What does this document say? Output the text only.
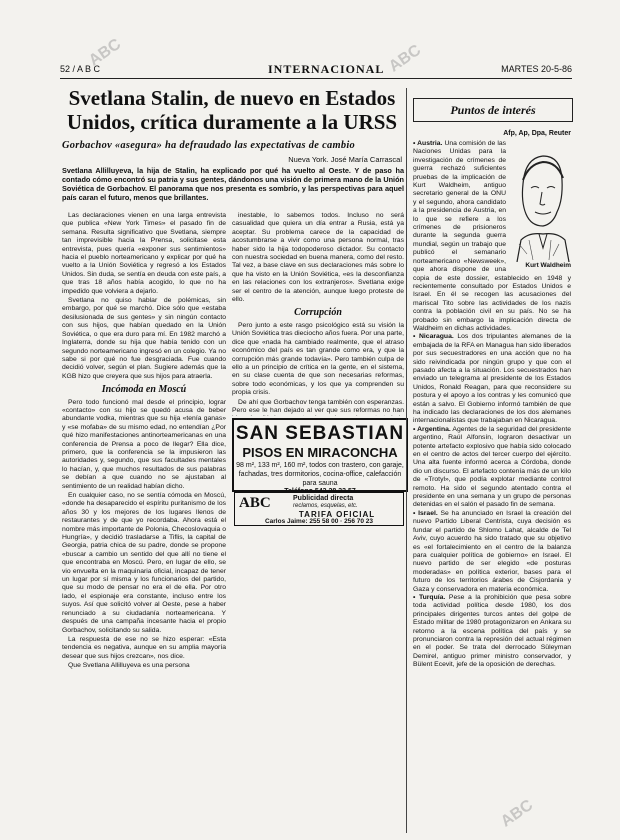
ABC	ABC
ABC
52 / A B C	INTERNACIONAL	MARTES 20-5-86
Svetlana Stalin, de nuevo en Estados Unidos, crítica duramente a la URSS
Gorbachov «asegura» ha defraudado las expectativas de cambio
Nueva York. José María Carrascal
Svetlana Allilluyeva, la hija de Stalin, ha explicado por qué ha vuelto al Oeste. Y de paso ha contado cómo encontró su patria y sus gentes, dándonos una visión de primera mano de la Unión Soviética de Gorbachov. El panorama que nos presenta es sombrío, y las perspectivas para aquel país caran el futuro, menos que brillantes.

Las declaraciones vienen en una larga entrevista que publica «New York Times» el pasado fin de semana. Resulta significativo que Svetlana, siempre tan imprevisible hacia la Prensa, solicitase esta entrevista, pues quería «exponer sus sentimientos» hacia el pueblo norteamericano y explicar por qué ha vuelto a la Unión Soviética y regresó a los Estados Unidos. Sin duda, se sentía en deuda con este país, a que tras 18 años había acogido, lo que no ha impedido que volviera a dejarlo.

Svetlana no quiso hablar de polémicas, sin embargo, por qué se marchó. Dice sólo que «estaba desilusionada de sus gentes» y sin ningún contacto con sus hijos, que habían quedado en la Unión Soviética, o que era duro para mí. En 1982 marchó a Inglaterra, donde su hija que había tenido con un segundo norteamericano ingresó en un colegio. Ya no sabe si por qué no fue desgraciada. Fue cuando decidió volver, según el plan. Sugiere además que la KGB hizo que creyera que sus hijos para atraerla.

Incómoda en Moscú

Pero todo funcionó mal desde el principio, lograr «contacto» con su hijo se quedó acusa de beber abundante vodka, mientras que su hija «tenía ganas» y «se mofaba» de su mismo edad, no entendían ¿Por qué hizo manifestaciones antinorteamericanas en una conferencia de Prensa a poco de llegar? Ella dice, primero, que la conferencia se la impusieron las autoridades y, segundo, que sus facultades mentales lo hacían, y, que muchos resultados de sus palabras se debían a que cuando no se ajustaban al sentimiento de un realidad habían dicho.

En cualquier caso, no se sentía cómoda en Moscú, «donde ha desaparecido el espíritu puritanismo de los años 30 y los mejores de los lugares llenos de restaurantes y de que yo recordaba. Ahora está el nombre más importante de Polonia, Checoslovaquia o Hungría», y decidió trasladarse a Tiflis, la capital de Georgia, patria chica de su padre, donde se propone «buscar a cambio un sentido del que allí no tiene el que encontraba en Moscú. Pero, en lugar de ello, se vio envuelta en la maquinaria oficial, incapaz de tener un lugar por sí misma y los funcionarios del partido, que su modo de pensar no era el de ella. Por otro lado, el espionaje era constante, incluso entre los suyos. Así que solicitó volver al Oeste, pese a haber renunciado a su ciudadanía norteamericana. Y después de una campaña incesante hacia el propio Gorbachov, solicitando su salida.

La respuesta de ese no se hizo esperar: «Esta tendencia es negativa, aunque en su amplia mayoría desear que sus hijos crezcan», nos dice.

Que Svetlana Allilluyeva es una persona

inestable, lo sabemos todos. Incluso no será casualidad que quiera un día entrar a Rusia, está ya aceptar. Su problema carece de la capacidad de acostumbrarse a vivir como una persona normal, tras haber sido la hija todopoderoso dictador. Su contacto con nuestra sociedad en buena manera, como del resto. Tal vez, a base clave en sus declaraciones más sobre lo que ha visto en la Unión Soviética, «es la desconfianza en las relaciones con los extranjeros». Svetlana exige ser el centro de la atención, aunque luego proteste de ello.

Corrupción

Pero junto a este rasgo psicológico está su visión la Unión Soviética tras dieciocho años fuera. Por una parte, dice que «nada ha cambiado realmente, que el atraso económico del país es tan grande como era, y que la corrupción más grande todavía». Pero también culpa de ello a un principio de crítica en la gente, en el sistema, en su clase cuenta de que son necesarias reformas, sobre todo económicas, y los que ya comprenden su propia crisis.

De ahí que Gorbachov tenga también con esperanzas. Pero ese le han dejado al ver que sus reformas no han

SAN SEBASTIAN
PISOS EN MIRACONCHA
98 m², 133 m², 160 m², todos con trastero, con garaje, fachadas, tres dormitorios, cocina-office, calefacción para sauna
Teléfono 543 28 33 57
ABC	Publicidad directa
reclamos, esquelas, etc.
TARIFA OFICIAL
Carlos Jaime: 255 58 00 · 256 70 23
Puntos de interés
Afp, Ap, Dpa, Reuter
Kurt Waldheim

• Austria. Una comisión de las Naciones Unidas para la investigación de crímenes de guerra rechazó suficientes pruebas de la implicación de Kurt Waldheim, antiguo secretario general de la ONU y el segundo, ahora candidato a la presidencia de Austria, en lo que se refiere a los crímenes de prisioneros durante la segunda guerra mundial, según un trabajo que publicó el semanario norteamericano «Newsweek», que ahora dispone de una copia de este dossier, establecido en 1948 y recientemente consultado por Estados Unidos e Israel. En él se recogen las acusaciones del mariscal Tito sobre las actividades de los nazis contra la población civil en su país. No se ha probado sin embargo la implicación directa de Waldheim en dichas actividades.

• Nicaragua. Los dos tripulantes alemanes de la embajada de la RFA en Managua han sido liberados por sus secuestradores en una acción que no ha sido reivindicada por ningún grupo y que con el pasado afecta a la situación. Los secuestrados han enviado un telegrama al presidente de los Estados Unidos, Ronald Reagan, para que reconsidere su postura y el apoyo a los contras y les comunicó que están a salvo. El Gobierno informó también de que ha indicado las declaraciones de los dos alemanes internacionalistas que trabajaban en Nicaragua.

• Argentina. Agentes de la seguridad del presidente argentino, Raúl Alfonsín, lograron desactivar un potente artefacto explosivo que había sido colocado en el centro de actos del tercer cuerpo del ejército. Una alta fuente informó acerca a Córdoba, donde dio un discurso. El artefacto contenía más de un kilo de «Trotyl», que podía explotar mediante control remoto. Ha sido el segundo atentado contra el presidente en una semana y un grupo de personas detenidas en el salón el pasado fin de semana.

• Israel. Se ha anunciado en Israel la creación del nuevo Partido Liberal Centrista, cuya decisión es fundar el partido de Shlomo Lahat, alcalde de Tel Aviv, cuyo acuerdo ha sido tratado que su objetivo es «el fortalecimiento en el centro de la balanza para cualquier política de gobierno» en Israel. El nuevo partido de ser elegido «de posturas moderadas» en política exterior, bases para el futuro de los territorios árabes de Cisjordania y Gaza y conservadora en materia económica.

• Turquía. Pese a la prohibición que pesa sobre toda actividad política desde 1980, los dos principales dirigentes turcos antes del golpe de Estado militar de 1980 protagonizaron en Ankara su retorno a la escena política del país y se pronunciaron contra la represión del actual régimen en el poder. Se trata del derrocado Süleyman Demirel, antiguo primer ministro conservador, y Bülent Ecevit, jefe de la oposición de derechas.
